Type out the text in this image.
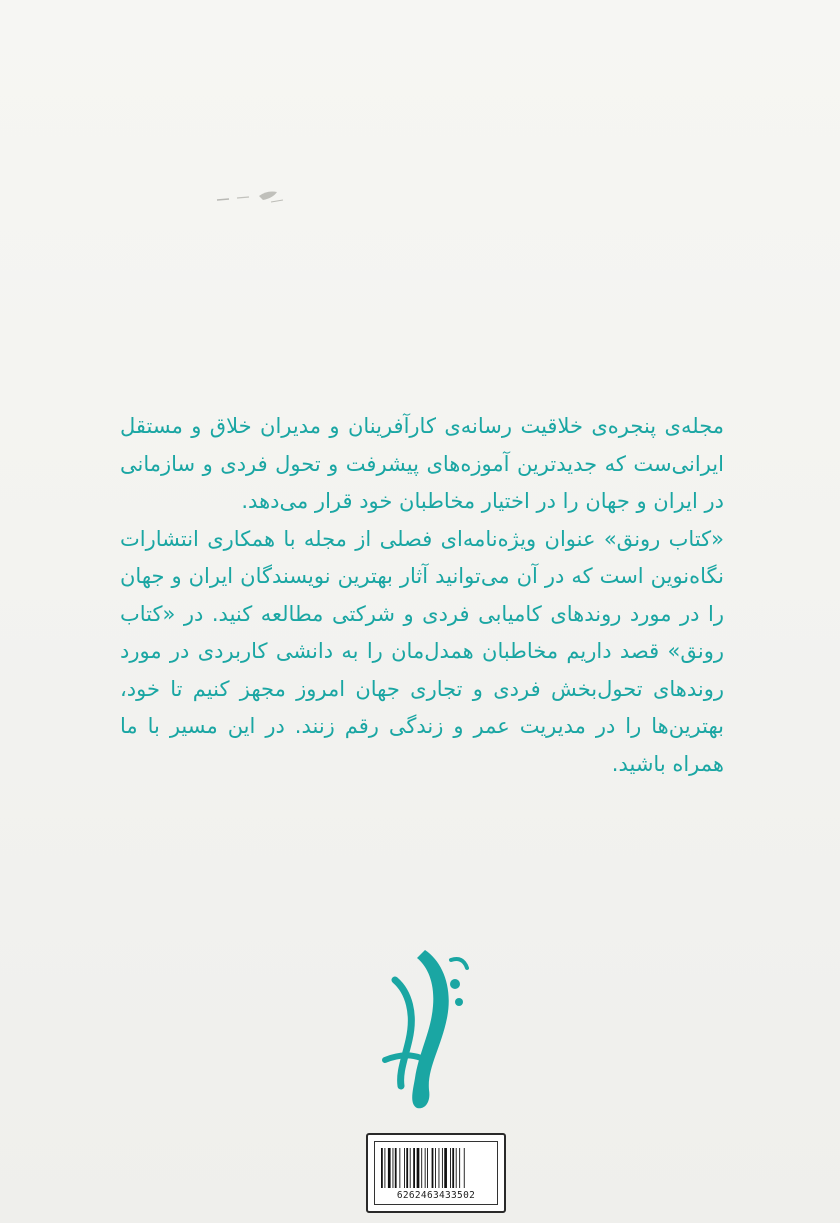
مجله‌ی پنجره‌ی خلاقیت رسانه‌ی کارآفرینان و مدیران خلاق و مستقل ایرانی‌ست که جدیدترین آموزه‌های پیشرفت و تحول فردی و سازمانی در ایران و جهان را در اختیار مخاطبان خود قرار می‌دهد.

«کتاب رونق» عنوان ویژه‌نامه‌ای فصلی از مجله با همکاری انتشارات نگاه‌نوین است که در آن می‌توانید آثار بهترین نویسندگان ایران و جهان را در مورد روندهای کامیابی فردی و شرکتی مطالعه کنید. در «کتاب رونق» قصد داریم مخاطبان همدل‌مان را به دانشی کاربردی در مورد روندهای تحول‌بخش فردی و تجاری جهان امروز مجهز کنیم تا خود، بهترین‌ها را در مدیریت عمر و زندگی رقم زنند. در این مسیر با ما همراه باشید.

6262463433502
